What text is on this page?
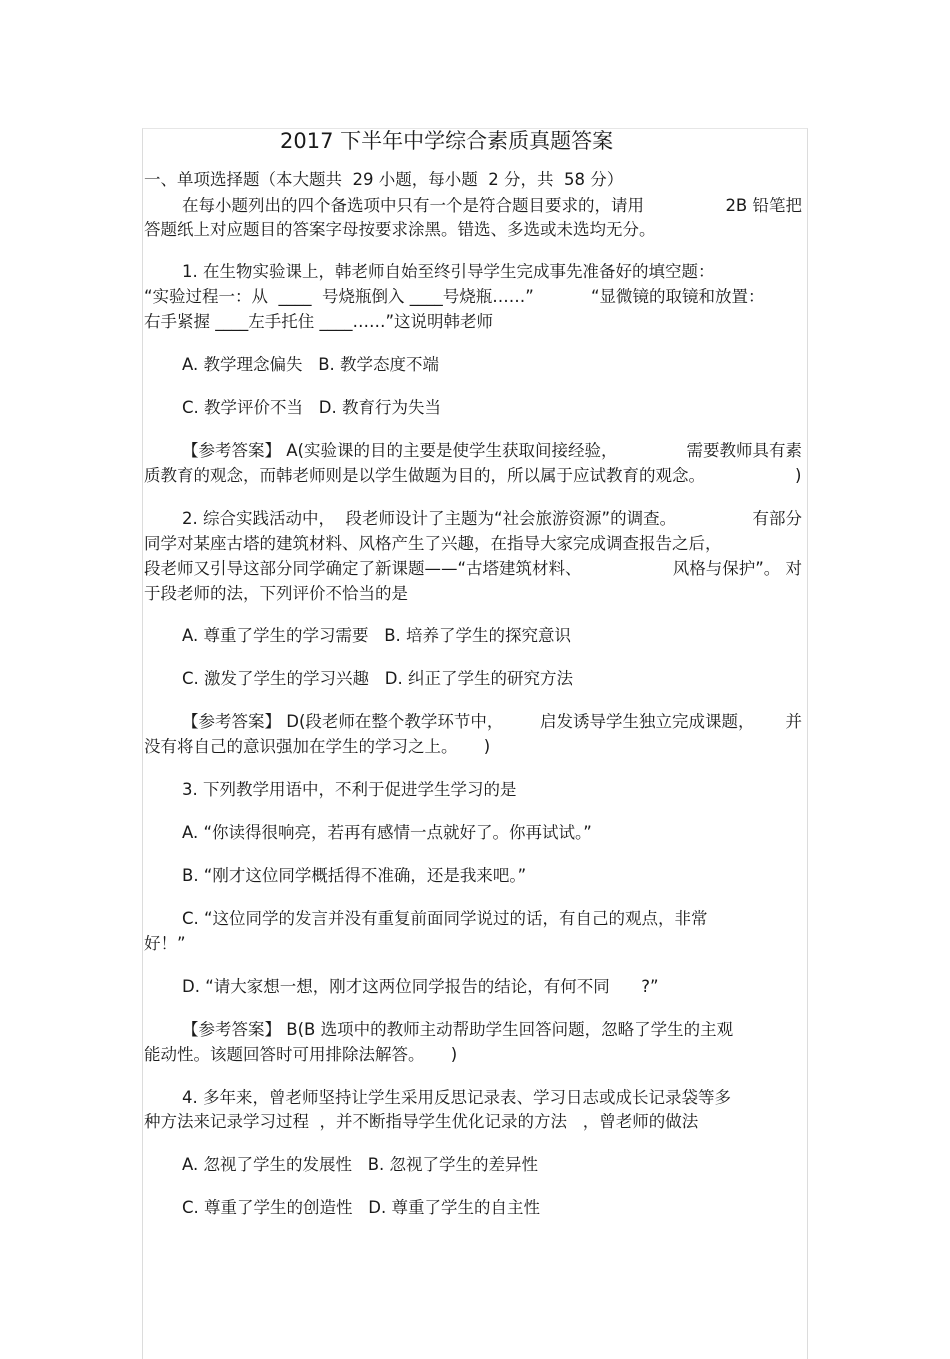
2017 下半年中学综合素质真题答案
一、单项选择题（本大题共  29 小题，每小题  2 分，共  58 分）
在每小题列出的四个备选项中只有一个是符合题目要求的，请用	2B 铅笔把
答题纸上对应题目的答案字母按要求涂黑。错选、多选或未选均无分。
1. 在生物实验课上，韩老师自始至终引导学生完成事先准备好的填空题：
“实验过程一：从  ____  号烧瓶倒入 ____号烧瓶……”	“显微镜的取镜和放置：
右手紧握 ____左手托住 ____……”这说明韩老师
A. 教学理念偏失   B. 教学态度不端
C. 教学评价不当   D. 教育行为失当
【参考答案】 A(实验课的目的主要是使学生获取间接经验，	需要教师具有素
质教育的观念，而韩老师则是以学生做题为目的，所以属于应试教育的观念。	)
2. 综合实践活动中，  段老师设计了主题为“社会旅游资源”的调查。	有部分
同学对某座古塔的建筑材料、风格产生了兴趣，在指导大家完成调查报告之后，
段老师又引导这部分同学确定了新课题——“古塔建筑材料、	风格与保护”。 对
于段老师的法，下列评价不恰当的是
A. 尊重了学生的学习需要   B. 培养了学生的探究意识
C. 激发了学生的学习兴趣   D. 纠正了学生的研究方法
【参考答案】 D(段老师在整个教学环节中， 启发诱导学生独立完成课题， 并
没有将自己的意识强加在学生的学习之上。     )
3. 下列教学用语中，不利于促进学生学习的是
A. “你读得很响亮，若再有感情一点就好了。你再试试。”
B. “刚才这位同学概括得不准确，还是我来吧。”
C. “这位同学的发言并没有重复前面同学说过的话，有自己的观点，非常
好！”
D. “请大家想一想，刚才这两位同学报告的结论，有何不同      ?”
【参考答案】 B(B 选项中的教师主动帮助学生回答问题，忽略了学生的主观
能动性。该题回答时可用排除法解答。     )
4. 多年来，曾老师坚持让学生采用反思记录表、学习日志或成长记录袋等多
种方法来记录学习过程  ，并不断指导学生优化记录的方法   ，曾老师的做法
A. 忽视了学生的发展性   B. 忽视了学生的差异性
C. 尊重了学生的创造性   D. 尊重了学生的自主性
